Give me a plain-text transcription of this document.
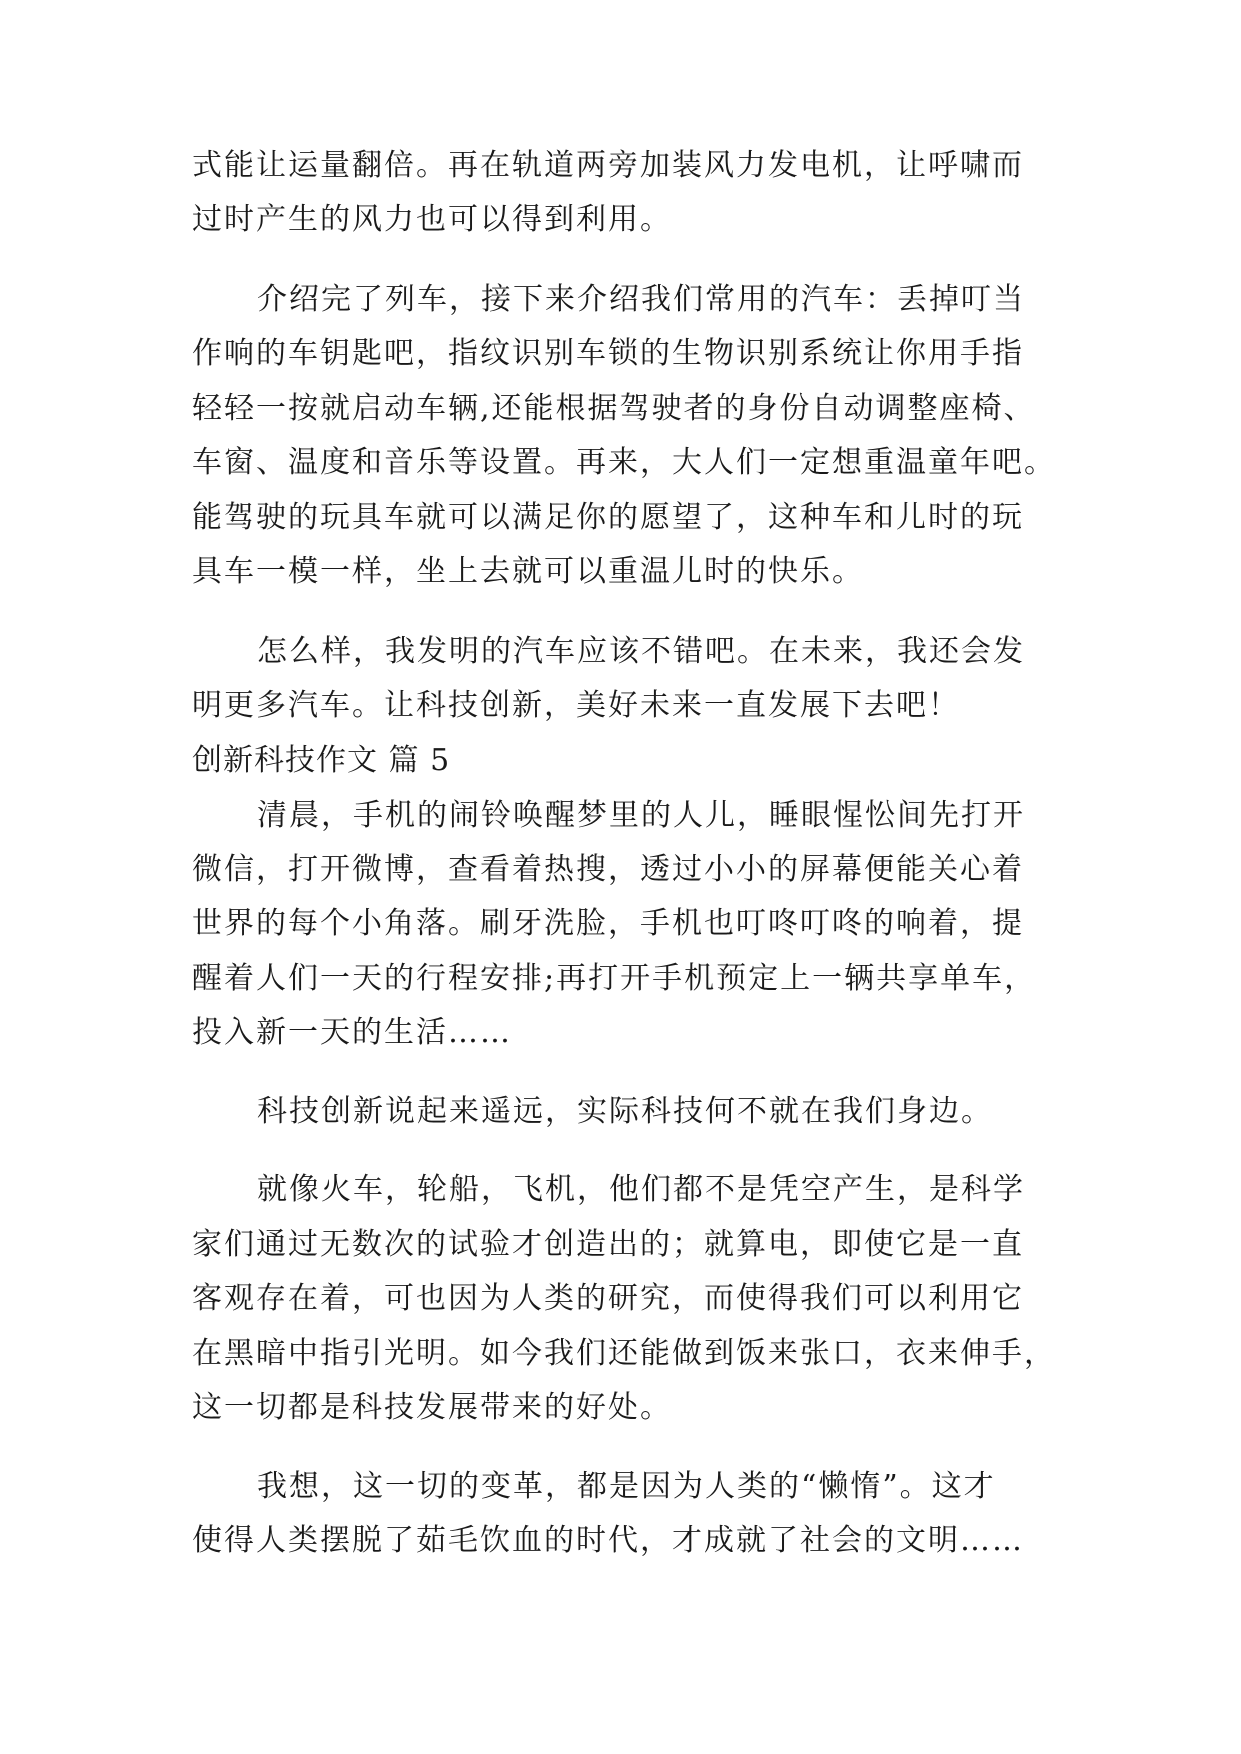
式能让运量翻倍。再在轨道两旁加装风力发电机，让呼啸而
过时产生的风力也可以得到利用。
介绍完了列车，接下来介绍我们常用的汽车：丢掉叮当
作响的车钥匙吧，指纹识别车锁的生物识别系统让你用手指
轻轻一按就启动车辆,还能根据驾驶者的身份自动调整座椅、
车窗、温度和音乐等设置。再来，大人们一定想重温童年吧。
能驾驶的玩具车就可以满足你的愿望了，这种车和儿时的玩
具车一模一样，坐上去就可以重温儿时的快乐。
怎么样，我发明的汽车应该不错吧。在未来，我还会发
明更多汽车。让科技创新，美好未来一直发展下去吧！
创新科技作文 篇 5
清晨，手机的闹铃唤醒梦里的人儿，睡眼惺忪间先打开
微信，打开微博，查看着热搜，透过小小的屏幕便能关心着
世界的每个小角落。刷牙洗脸，手机也叮咚叮咚的响着，提
醒着人们一天的行程安排;再打开手机预定上一辆共享单车，
投入新一天的生活……
科技创新说起来遥远，实际科技何不就在我们身边。
就像火车，轮船，飞机，他们都不是凭空产生，是科学
家们通过无数次的试验才创造出的；就算电，即使它是一直
客观存在着，可也因为人类的研究，而使得我们可以利用它
在黑暗中指引光明。如今我们还能做到饭来张口，衣来伸手，
这一切都是科技发展带来的好处。
我想，这一切的变革，都是因为人类的“懒惰”。这才
使得人类摆脱了茹毛饮血的时代，才成就了社会的文明……
